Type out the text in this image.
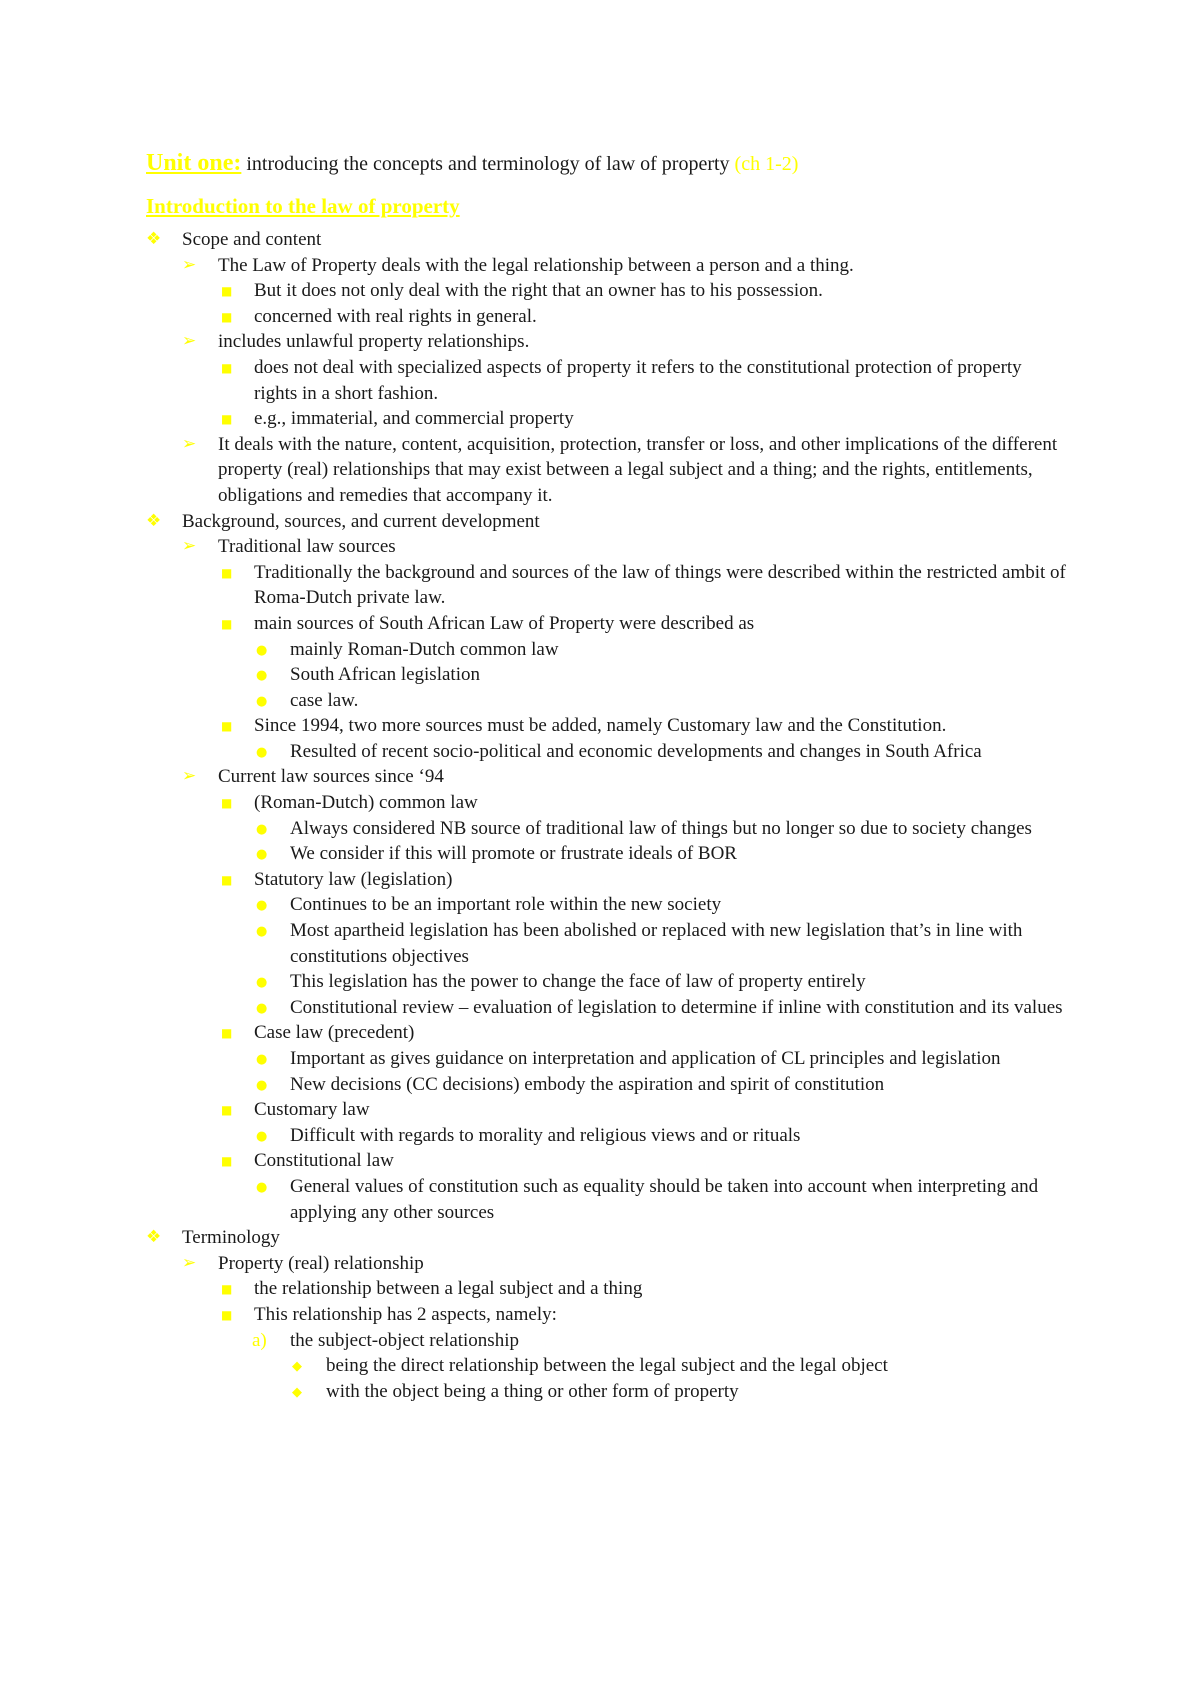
Unit one: introducing the concepts and terminology of law of property (ch 1-2)

Introduction to the law of property
❖ Scope and content
➢ The Law of Property deals with the legal relationship between a person and a thing.
■ But it does not only deal with the right that an owner has to his possession.
■ concerned with real rights in general.
➢ includes unlawful property relationships.
■ does not deal with specialized aspects of property it refers to the constitutional protection of property rights in a short fashion.
■ e.g., immaterial, and commercial property
➢ It deals with the nature, content, acquisition, protection, transfer or loss, and other implications of the different property (real) relationships that may exist between a legal subject and a thing; and the rights, entitlements, obligations and remedies that accompany it.
❖ Background, sources, and current development
➢ Traditional law sources
■ Traditionally the background and sources of the law of things were described within the restricted ambit of Roma-Dutch private law.
■ main sources of South African Law of Property were described as
● mainly Roman-Dutch common law
● South African legislation
● case law.
■ Since 1994, two more sources must be added, namely Customary law and the Constitution.
● Resulted of recent socio-political and economic developments and changes in South Africa
➢ Current law sources since ‘94
■ (Roman-Dutch) common law
● Always considered NB source of traditional law of things but no longer so due to society changes
● We consider if this will promote or frustrate ideals of BOR
■ Statutory law (legislation)
● Continues to be an important role within the new society
● Most apartheid legislation has been abolished or replaced with new legislation that’s in line with constitutions objectives
● This legislation has the power to change the face of law of property entirely
● Constitutional review – evaluation of legislation to determine if inline with constitution and its values
■ Case law (precedent)
● Important as gives guidance on interpretation and application of CL principles and legislation
● New decisions (CC decisions) embody the aspiration and spirit of constitution
■ Customary law
● Difficult with regards to morality and religious views and or rituals
■ Constitutional law
● General values of constitution such as equality should be taken into account when interpreting and applying any other sources
❖ Terminology
➢ Property (real) relationship
■ the relationship between a legal subject and a thing
■ This relationship has 2 aspects, namely:
a) the subject-object relationship
◆ being the direct relationship between the legal subject and the legal object
◆ with the object being a thing or other form of property
